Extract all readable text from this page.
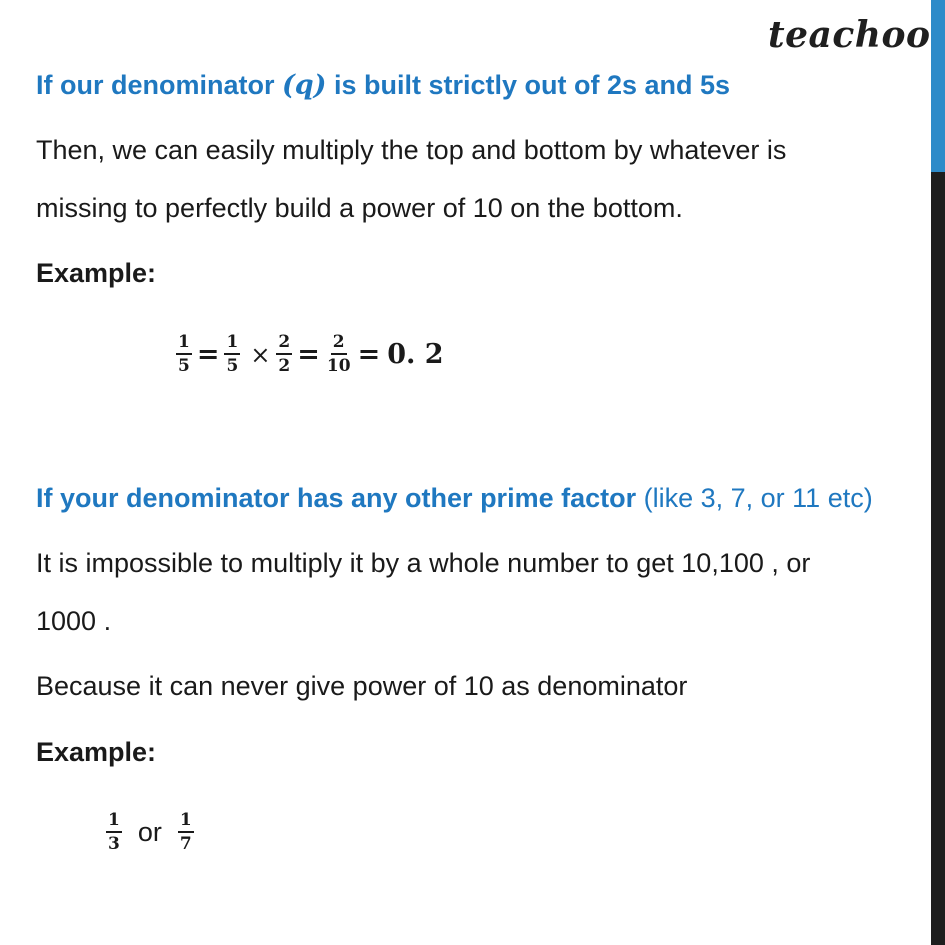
teachoo
If our denominator (q) is built strictly out of 2s and 5s
Then, we can easily multiply the top and bottom by whatever is
missing to perfectly build a power of 10 on the bottom.
Example:
$\frac{1}{5} = \frac{1}{5} \times \frac{2}{2} = \frac{2}{10} = 0$. 2
If your denominator has any other prime factor (like 3, 7, or 11 etc)
It is impossible to multiply it by a whole number to get 10,100 , or
1000 .
Because it can never give power of 10 as denominator
Example:
$\frac{1}{3}$ or $\frac{1}{7}$
